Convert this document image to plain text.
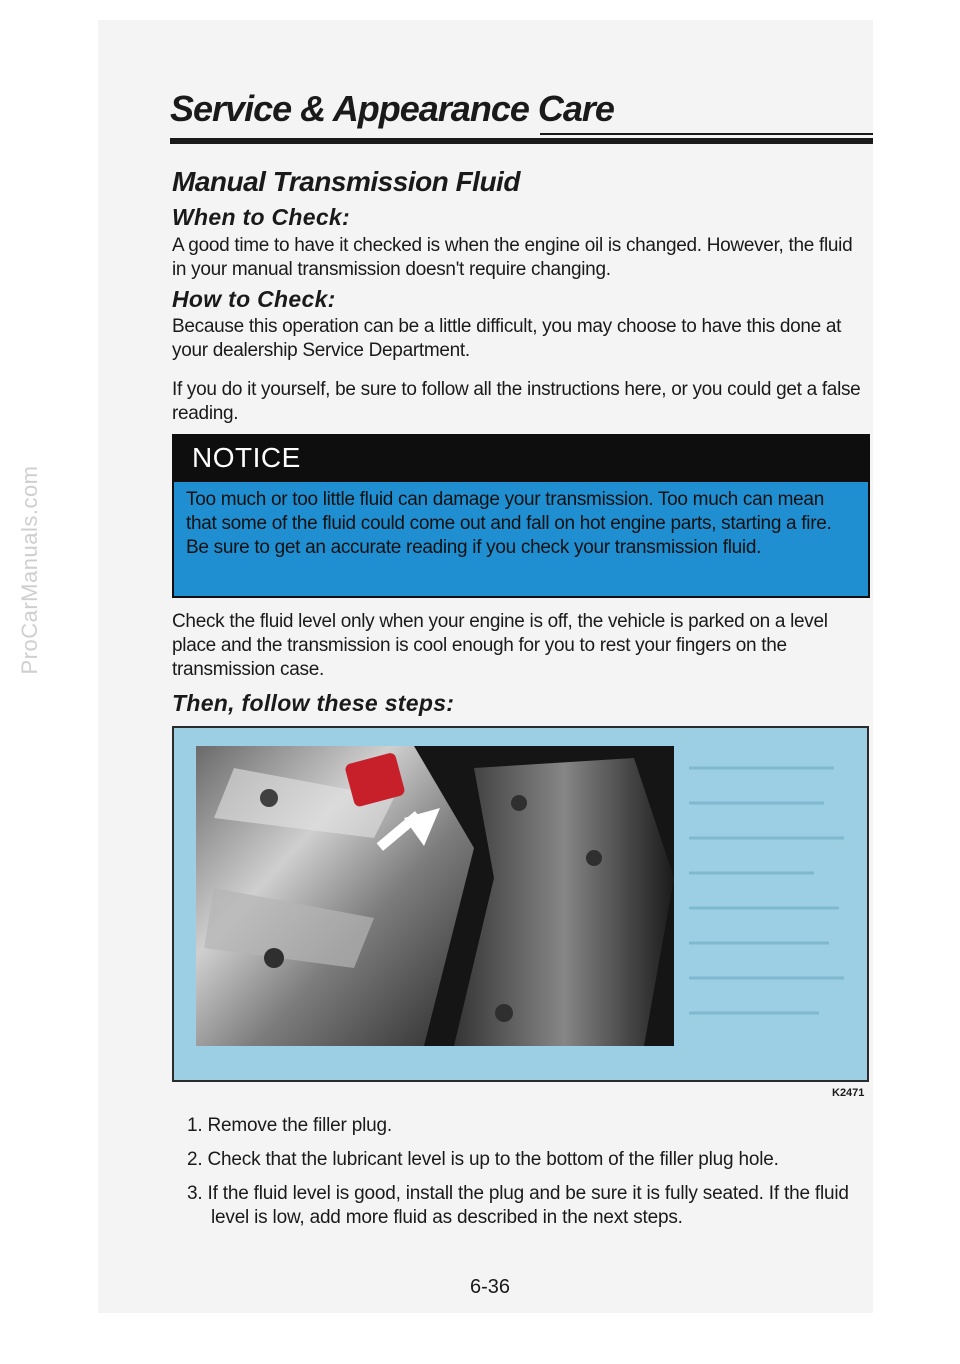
ProCarManuals.com
Service & Appearance Care
Manual Transmission Fluid
When to Check:
A good time to have it checked is when the engine oil is changed. However, the fluid in your manual transmission doesn't require changing.
How to Check:
Because this operation can be a little difficult, you may choose to have this done at your dealership Service Department.
If you do it yourself, be sure to follow all the instructions here, or you could get a false reading.
NOTICE
Too much or too little fluid can damage your transmission. Too much can mean that some of the fluid could come out and fall on hot engine parts, starting a fire. Be sure to get an accurate reading if you check your transmission fluid.
Check the fluid level only when your engine is off, the vehicle is parked on a level place and the transmission is cool enough for you to rest your fingers on the transmission case.
Then, follow these steps:
K2471
1. Remove the filler plug.
2. Check that the lubricant level is up to the bottom of the filler plug hole.
3. If the fluid level is good, install the plug and be sure it is fully seated. If the fluid level is low, add more fluid as described in the next steps.
6-36
